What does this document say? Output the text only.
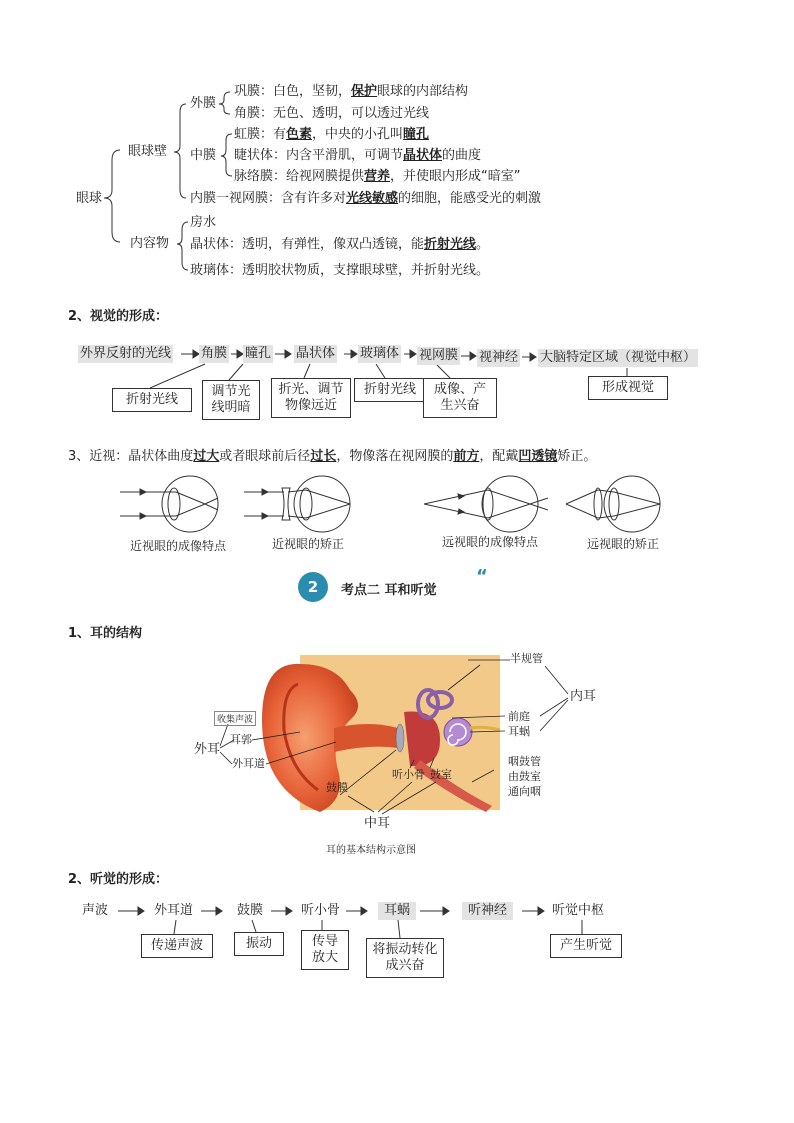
眼球
眼球壁
内容物
外膜
中膜
巩膜：白色，坚韧，保护眼球的内部结构
角膜：无色、透明，可以透过光线
虹膜：有色素，中央的小孔叫瞳孔
睫状体：内含平滑肌，可调节晶状体的曲度
脉络膜：给视网膜提供营养，并使眼内形成“暗室”
内膜一视网膜：含有许多对光线敏感的细胞，能感受光的刺激
房水
晶状体：透明，有弹性，像双凸透镜，能折射光线。
玻璃体：透明胶状物质，支撑眼球壁，并折射光线。
2、视觉的形成：
外界反射的光线 角膜 瞳孔 晶状体 玻璃体 视网膜 视神经 大脑特定区域（视觉中枢）
折射光线
调节光线明暗
折光、调节物像远近
折射光线	成像、产生兴奋
形成视觉
3、近视：晶状体曲度过大或者眼球前后径过长，物像落在视网膜的前方，配戴凹透镜矫正。
近视眼的成像特点	近视眼的矫正	远视眼的成像特点	远视眼的矫正
2	考点二 耳和听觉
“
1、耳的结构
半规管
内耳
前庭
耳蜗
收集声波
耳郭
外耳
外耳道
听小骨 鼓室
咽鼓管由鼓室通向咽
鼓膜
中耳
耳的基本结构示意图
2、听觉的形成：
声波	外耳道	鼓膜	听小骨	耳蜗	听神经	听觉中枢
传递声波	振动	传导放大
将振动转化成兴奋
产生听觉
